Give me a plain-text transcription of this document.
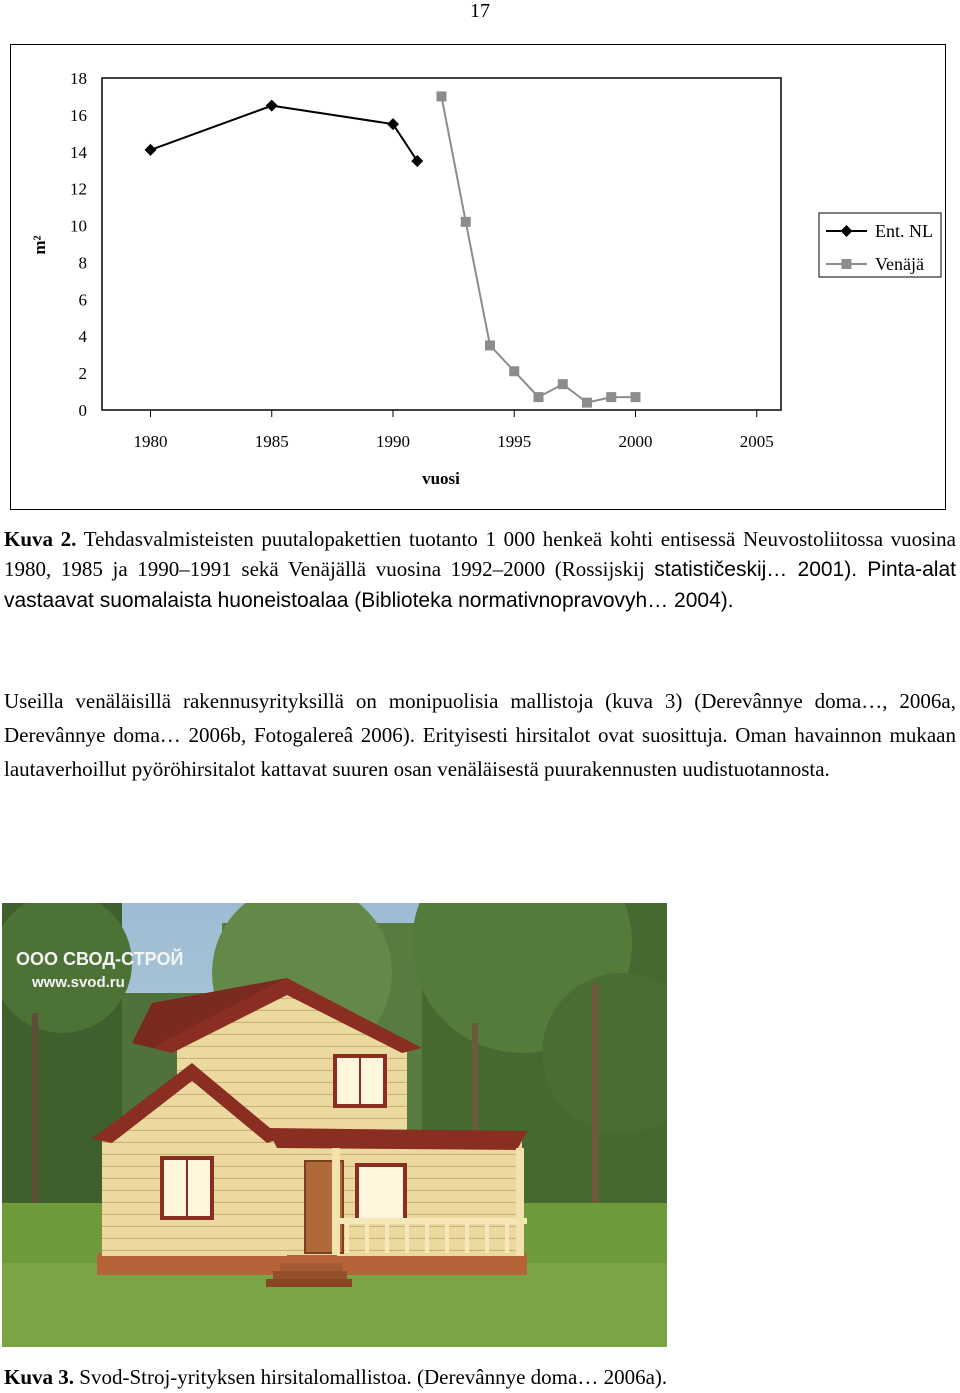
17
0
2
4
6
8
10
12
14
16
18
1980	1985	1990	1995	2000	2005
m²
vuosi
Ent. NL
Venäjä
Kuva 2. Tehdasvalmisteisten puutalopakettien tuotanto 1 000 henkeä kohti entisessä Neuvostoliitossa vuosina 1980, 1985 ja 1990–1991 sekä Venäjällä vuosina 1992–2000 (Rossijskij statističeskij… 2001). Pinta-alat vastaavat suomalaista huoneistoalaa (Biblioteka normativnopravovyh… 2004).
Useilla venäläisillä rakennusyrityksillä on monipuolisia mallistoja (kuva 3) (Derevânnye doma…, 2006a, Derevânnye doma… 2006b, Fotogalereâ 2006). Erityisesti hirsitalot ovat suosittuja. Oman havainnon mukaan lautaverhoillut pyöröhirsitalot kattavat suuren osan venäläisestä puurakennusten uudistuotannosta.
ООО СВОД-СТРОЙ
www.svod.ru
Kuva 3. Svod-Stroj-yrityksen hirsitalomallistoa. (Derevânnye doma… 2006a).
